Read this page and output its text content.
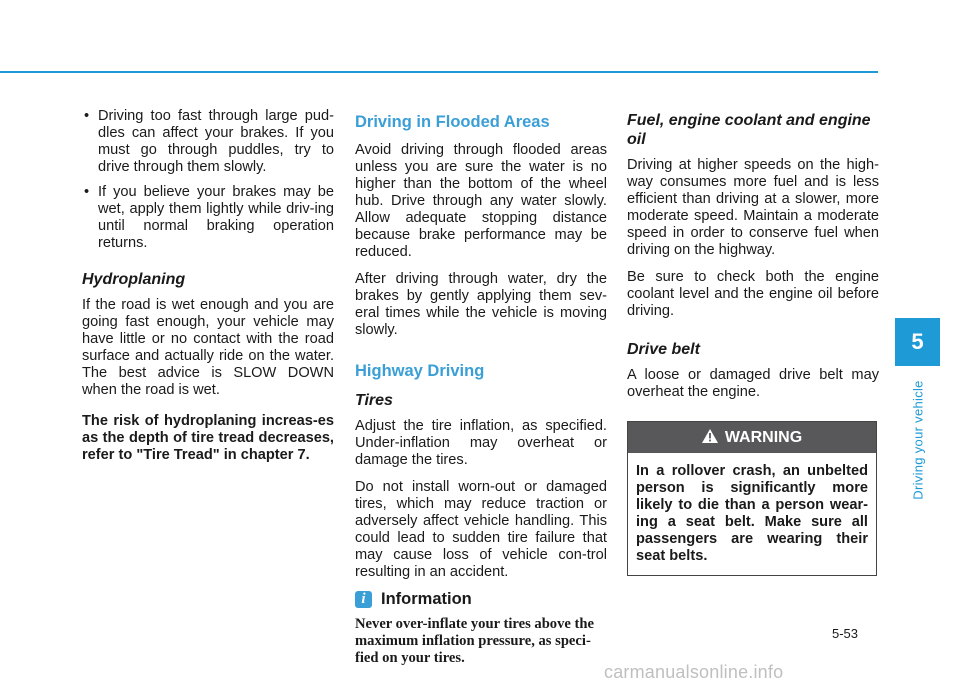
• Driving too fast through large pud-dles can affect your brakes. If you must go through puddles, try to drive through them slowly.
• If you believe your brakes may be wet, apply them lightly while driv-ing until normal braking operation returns.
Hydroplaning

If the road is wet enough and you are going fast enough, your vehicle may have little or no contact with the road surface and actually ride on the water. The best advice is SLOW DOWN when the road is wet.

The risk of hydroplaning increas-es as the depth of tire tread decreases, refer to "Tire Tread" in chapter 7.

Driving in Flooded Areas

Avoid driving through flooded areas unless you are sure the water is no higher than the bottom of the wheel hub. Drive through any water slowly. Allow adequate stopping distance because brake performance may be reduced.

After driving through water, dry the brakes by gently applying them sev-eral times while the vehicle is moving slowly.

Highway Driving
Tires

Adjust the tire inflation, as specified. Under-inflation may overheat or damage the tires.

Do not install worn-out or damaged tires, which may reduce traction or adversely affect vehicle handling. This could lead to sudden tire failure that may cause loss of vehicle con-trol resulting in an accident.

i Information
Never over-inflate your tires above the maximum inflation pressure, as speci-fied on your tires.
Fuel, engine coolant and engine oil

Driving at higher speeds on the high-way consumes more fuel and is less efficient than driving at a slower, more moderate speed. Maintain a moderate speed in order to conserve fuel when driving on the highway.

Be sure to check both the engine coolant level and the engine oil before driving.

Drive belt

A loose or damaged drive belt may overheat the engine.

WARNING
In a rollover crash, an unbelted person is significantly more likely to die than a person wear-ing a seat belt. Make sure all passengers are wearing their seat belts.
5
Driving your vehicle
5-53
carmanualsonline.info
